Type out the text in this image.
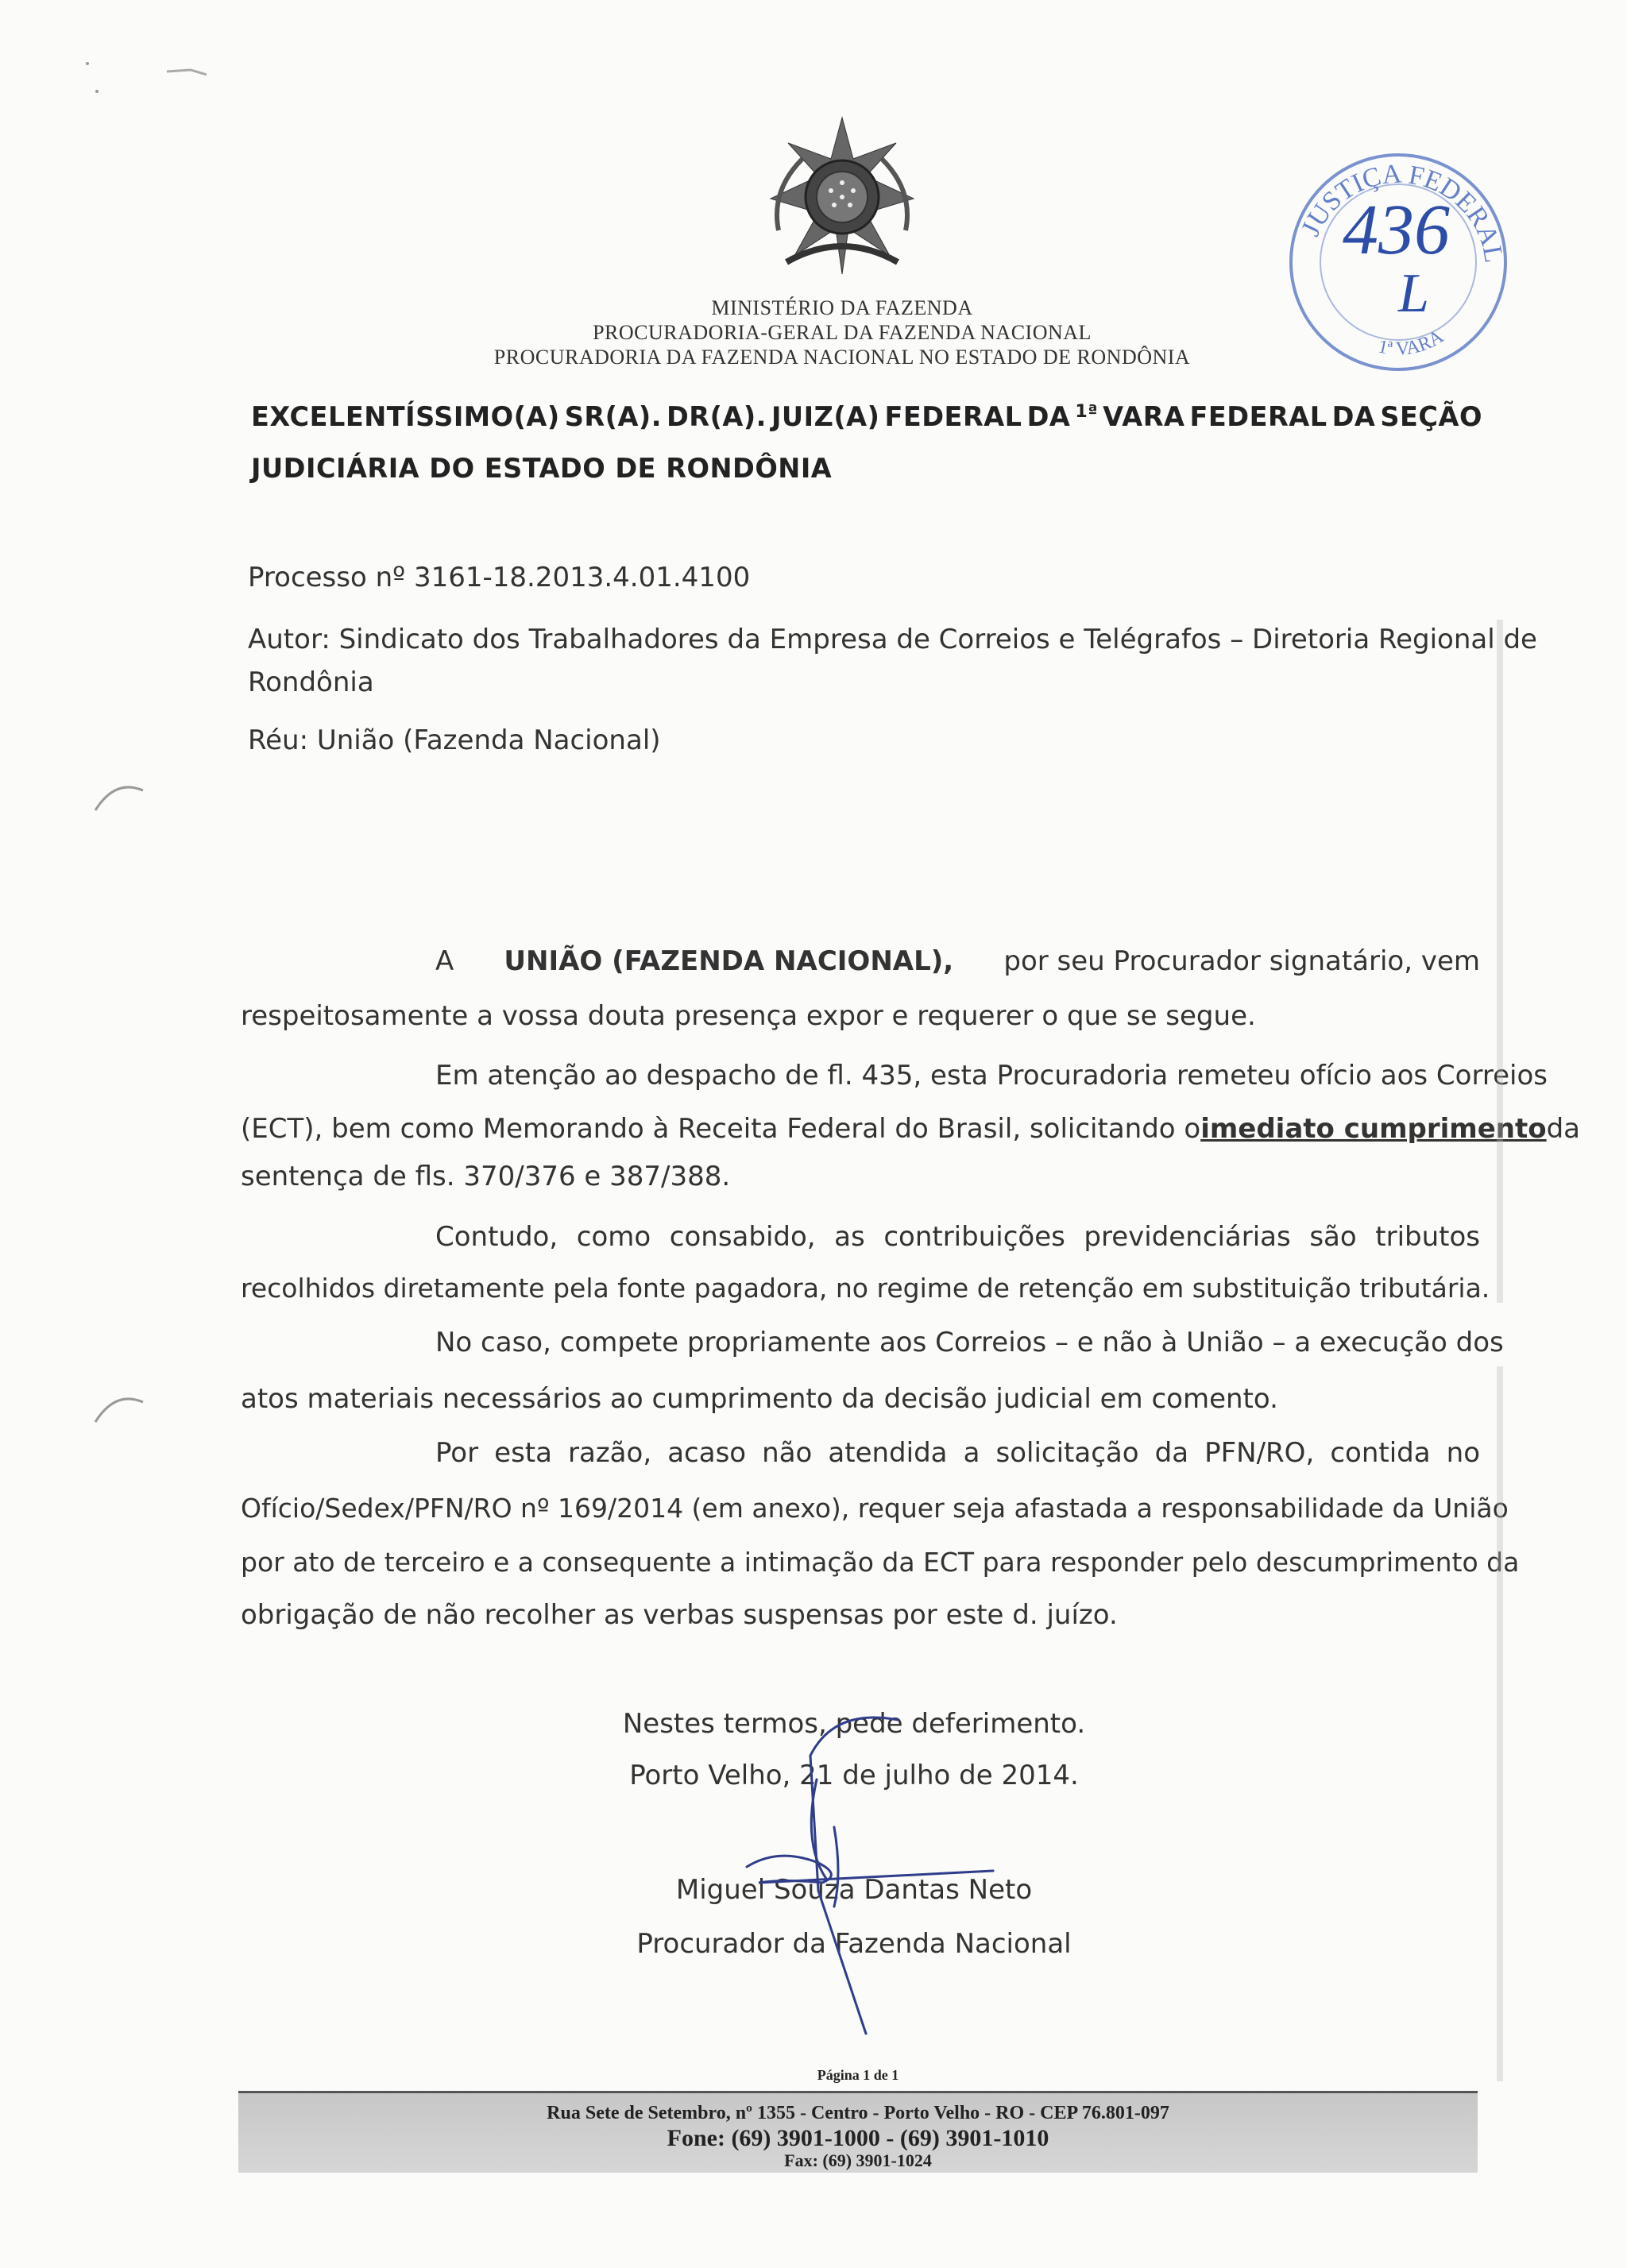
MINISTÉRIO DA FAZENDA
PROCURADORIA-GERAL DA FAZENDA NACIONAL
PROCURADORIA DA FAZENDA NACIONAL NO ESTADO DE RONDÔNIA
JUSTIÇA FEDERAL
1ª VARA
436
L
EXCELENTÍSSIMO(A) SR(A). DR(A). JUIZ(A) FEDERAL DA 1ª VARA FEDERAL DA SEÇÃO
JUDICIÁRIA DO ESTADO DE RONDÔNIA
Processo nº 3161-18.2013.4.01.4100
Autor: Sindicato dos Trabalhadores da Empresa de Correios e Telégrafos – Diretoria Regional de
Rondônia
Réu: União (Fazenda Nacional)
A UNIÃO (FAZENDA NACIONAL), por seu Procurador signatário, vem
respeitosamente a vossa douta presença expor e requerer o que se segue.
Em atenção ao despacho de fl. 435, esta Procuradoria remeteu ofício aos Correios
(ECT), bem como Memorando à Receita Federal do Brasil, solicitando o imediato cumprimento da
sentença de fls. 370/376 e 387/388.
Contudo, como consabido, as contribuições previdenciárias são tributos
recolhidos diretamente pela fonte pagadora, no regime de retenção em substituição tributária.
No caso, compete propriamente aos Correios – e não à União – a execução dos
atos materiais necessários ao cumprimento da decisão judicial em comento.
Por esta razão, acaso não atendida a solicitação da PFN/RO, contida no
Ofício/Sedex/PFN/RO nº 169/2014 (em anexo), requer seja afastada a responsabilidade da União
por ato de terceiro e a consequente a intimação da ECT para responder pelo descumprimento da
obrigação de não recolher as verbas suspensas por este d. juízo.
Nestes termos, pede deferimento.
Porto Velho, 21 de julho de 2014.
Miguel Souza Dantas Neto
Procurador da Fazenda Nacional
Página 1 de 1
Rua Sete de Setembro, nº 1355 - Centro - Porto Velho - RO - CEP 76.801-097
Fone: (69) 3901-1000 - (69) 3901-1010
Fax: (69) 3901-1024
